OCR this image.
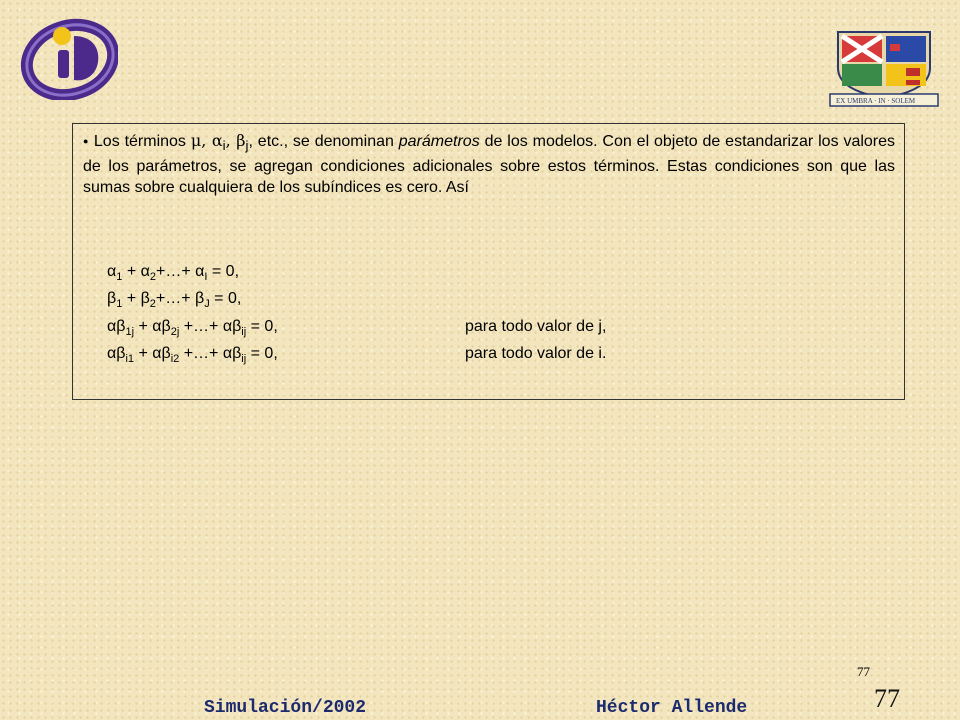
EX UMBRA · IN · SOLEM
● Los términos μ, $\alpha_i$, $\beta_j$, etc., se denominan parámetros de los modelos. Con el objeto de estandarizar los valores de los parámetros, se agregan condiciones adicionales sobre estos términos. Estas condiciones son que las sumas sobre cualquiera de los subíndices es cero. Así
$\alpha_1$ + $\alpha_2+\dots+ \alpha_I = 0$,
$\beta_1$ + $\beta_2+\dots+ \beta_J = 0$,
$\alpha\beta_{1j} + \alpha\beta_{2j}$ +…+ $\alpha\beta_{ij} = 0$,	para todo valor de j,
$\alpha\beta_{i1} + \alpha\beta_{i2}$ +…+ $\alpha\beta_{ij} = 0$,	para todo valor de i.
77
77
Simulación/2002	Héctor Allende
